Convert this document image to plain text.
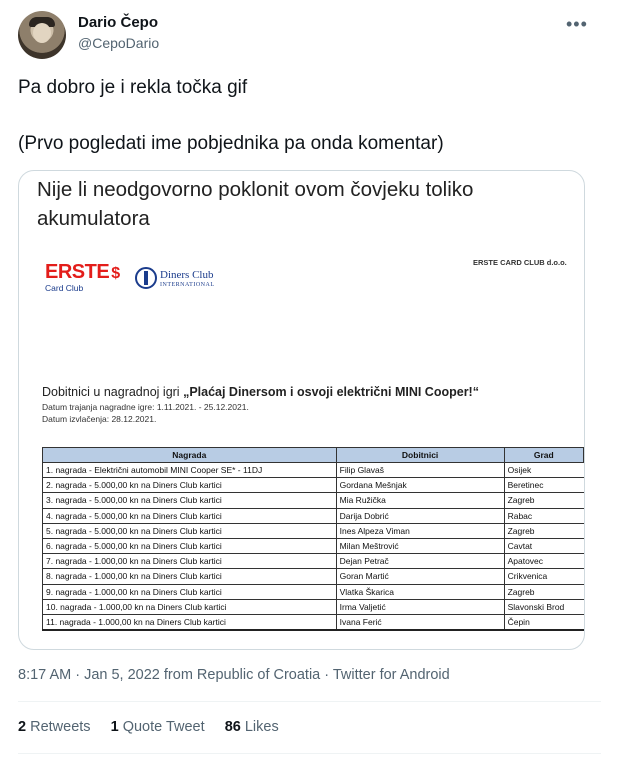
Dario Čepo
@CepoDario
•••
Pa dobro je i rekla točka gif
(Prvo pogledati ime pobjednika pa onda komentar)
Nije li neodgovorno poklonit ovom čovjeku toliko akumulatora
ERSTE $
Card Club
Diners Club
INTERNATIONAL
ERSTE CARD CLUB d.o.o.
Dobitnici u nagradnoj igri „Plaćaj Dinersom i osvoji električni MINI Cooper!“
Datum trajanja nagradne igre: 1.11.2021. - 25.12.2021.
Datum izvlačenja: 28.12.2021.
Nagrada	Dobitnici	Grad
1. nagrada - Električni automobil MINI Cooper SE* - 11DJ	Filip Glavaš	Osijek
2. nagrada - 5.000,00 kn na Diners Club kartici	Gordana Mešnjak	Beretinec
3. nagrada - 5.000,00 kn na Diners Club kartici	Mia Ružička	Zagreb
4. nagrada - 5.000,00 kn na Diners Club kartici	Darija Dobrić	Rabac
5. nagrada - 5.000,00 kn na Diners Club kartici	Ines Alpeza Viman	Zagreb
6. nagrada - 5.000,00 kn na Diners Club kartici	Milan Meštrović	Cavtat
7. nagrada - 1.000,00 kn na Diners Club kartici	Dejan Petrač	Apatovec
8. nagrada - 1.000,00 kn na Diners Club kartici	Goran Martić	Crikvenica
9. nagrada - 1.000,00 kn na Diners Club kartici	Vlatka Škarica	Zagreb
10. nagrada - 1.000,00 kn na Diners Club kartici	Irma Valjetić	Slavonski Brod
11. nagrada - 1.000,00 kn na Diners Club kartici	Ivana Ferić	Čepin
8:17 AM · Jan 5, 2022 from Republic of Croatia · Twitter for Android
2 Retweets 1 Quote Tweet 86 Likes
